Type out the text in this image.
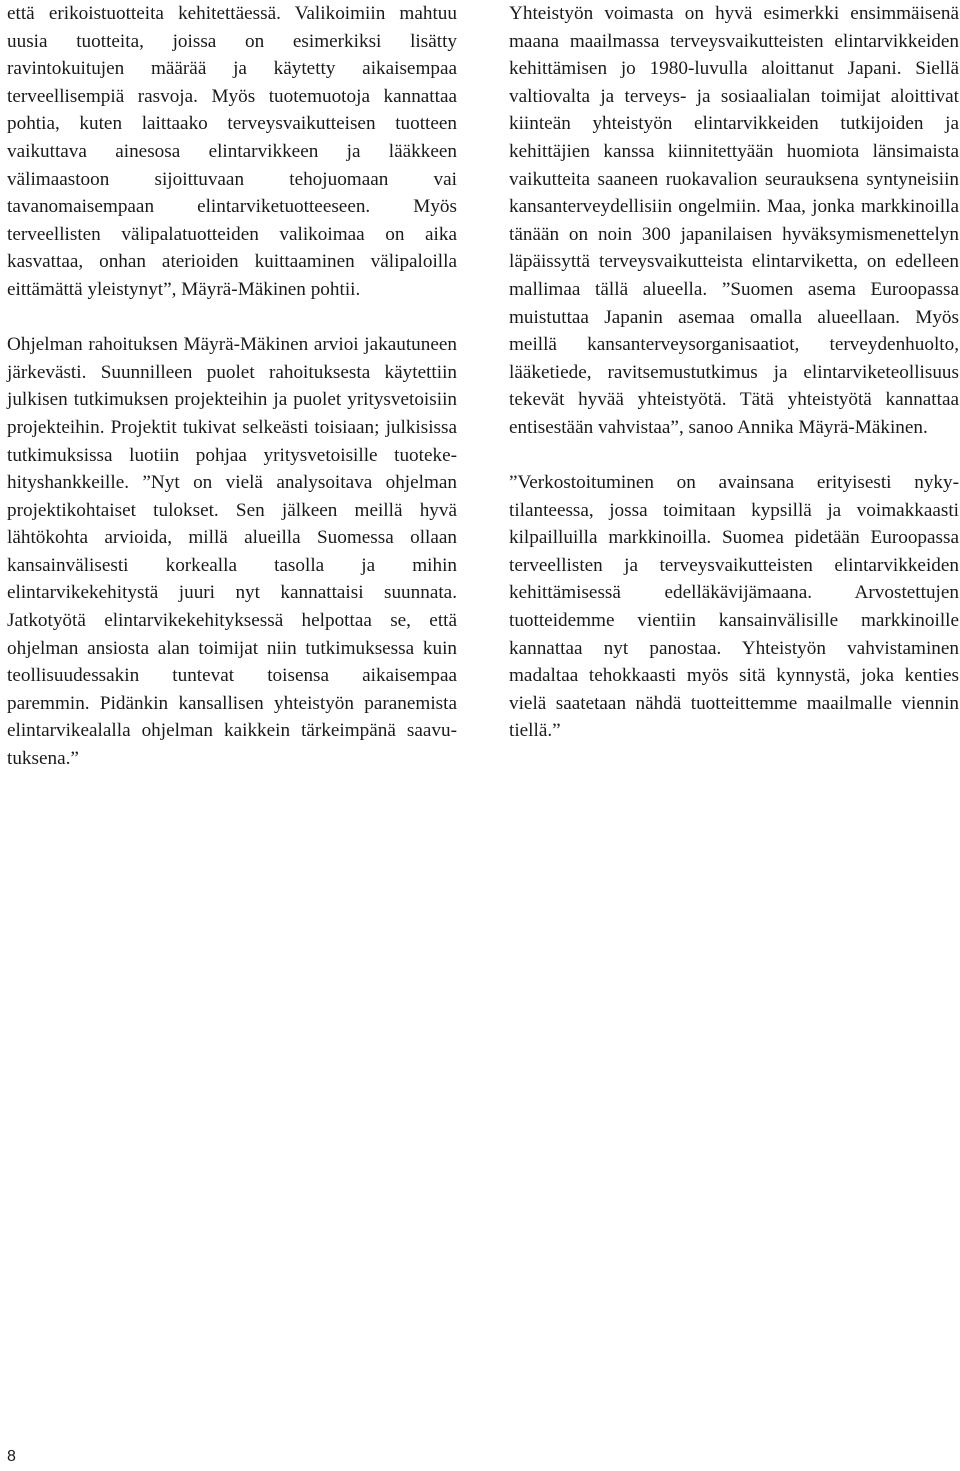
että erikoistuotteita kehitettäessä. Valikoimiin mahtuu uusia tuotteita, joissa on esimerkiksi lisätty ravintokuitujen määrää ja käytetty aikaisempaa terveellisempiä rasvoja. Myös tuotemuotoja kannattaa pohtia, kuten laittaako terveysvaikutteisen tuotteen vaikuttava ainesosa elintarvikkeen ja lääkkeen välimaastoon sijoittuvaan tehojuomaan vai tavanomaisempaan elintarviketuotteeseen. Myös terveellisten välipalatuotteiden valikoimaa on aika kasvattaa, onhan aterioiden kuittaaminen välipaloilla eittämättä yleistynyt”, Mäyrä-Mäkinen pohtii.

Ohjelman rahoituksen Mäyrä-Mäkinen arvioi jakautuneen järkevästi. Suunnilleen puolet rahoituksesta käytettiin julkisen tutkimuksen projekteihin ja puolet yritysvetoisiin projekteihin. Projektit tukivat selkeästi toisiaan; julkisissa tutkimuksissa luotiin pohjaa yritysvetoisille tuotekehityshankkeille. ”Nyt on vielä analysoitava ohjelman projektikohtaiset tulokset. Sen jälkeen meillä hyvä lähtökohta arvioida, millä alueilla Suomessa ollaan kansainvälisesti korkealla tasolla ja mihin elintarvikekehitystä juuri nyt kannattaisi suunnata. Jatkotyötä elintarvikekehityksessä helpottaa se, että ohjelman ansiosta alan toimijat niin tutkimuksessa kuin teollisuudessakin tuntevat toisensa aikaisempaa paremmin. Pidänkin kansallisen yhteistyön paranemista elintarvikealalla ohjelman kaikkein tärkeimpänä saavutuksena.”

Yhteistyön voimasta on hyvä esimerkki ensimmäisenä maana maailmassa terveysvaikutteisten elintarvikkeiden kehittämisen jo 1980-luvulla aloittanut Japani. Siellä valtiovalta ja terveys- ja sosiaalialan toimijat aloittivat kiinteän yhteistyön elintarvikkeiden tutkijoiden ja kehittäjien kanssa kiinnitettyään huomiota länsimaista vaikutteita saaneen ruokavalion seurauksena syntyneisiin kansanterveydellisiin ongelmiin. Maa, jonka markkinoilla tänään on noin 300 japanilaisen hyväksymismenettelyn läpäissyttä terveysvaikutteista elintarviketta, on edelleen mallimaa tällä alueella. ”Suomen asema Euroopassa muistuttaa Japanin asemaa omalla alueellaan. Myös meillä kansanterveysorganisaatiot, terveydenhuolto, lääketiede, ravitsemustutkimus ja elintarviketeollisuus tekevät hyvää yhteistyötä. Tätä yhteistyötä kannattaa entisestään vahvistaa”, sanoo Annika Mäyrä-Mäkinen.

”Verkostoituminen on avainsana erityisesti nykytilanteessa, jossa toimitaan kypsillä ja voimakkaasti kilpailluilla markkinoilla. Suomea pidetään Euroopassa terveellisten ja terveysvaikutteisten elintarvikkeiden kehittämisessä edelläkävijämaana. Arvostettujen tuotteidemme vientiin kansainvälisille markkinoille kannattaa nyt panostaa. Yhteistyön vahvistaminen madaltaa tehokkaasti myös sitä kynnystä, joka kenties vielä saatetaan nähdä tuotteittemme maailmalle viennin tiellä.”

8
